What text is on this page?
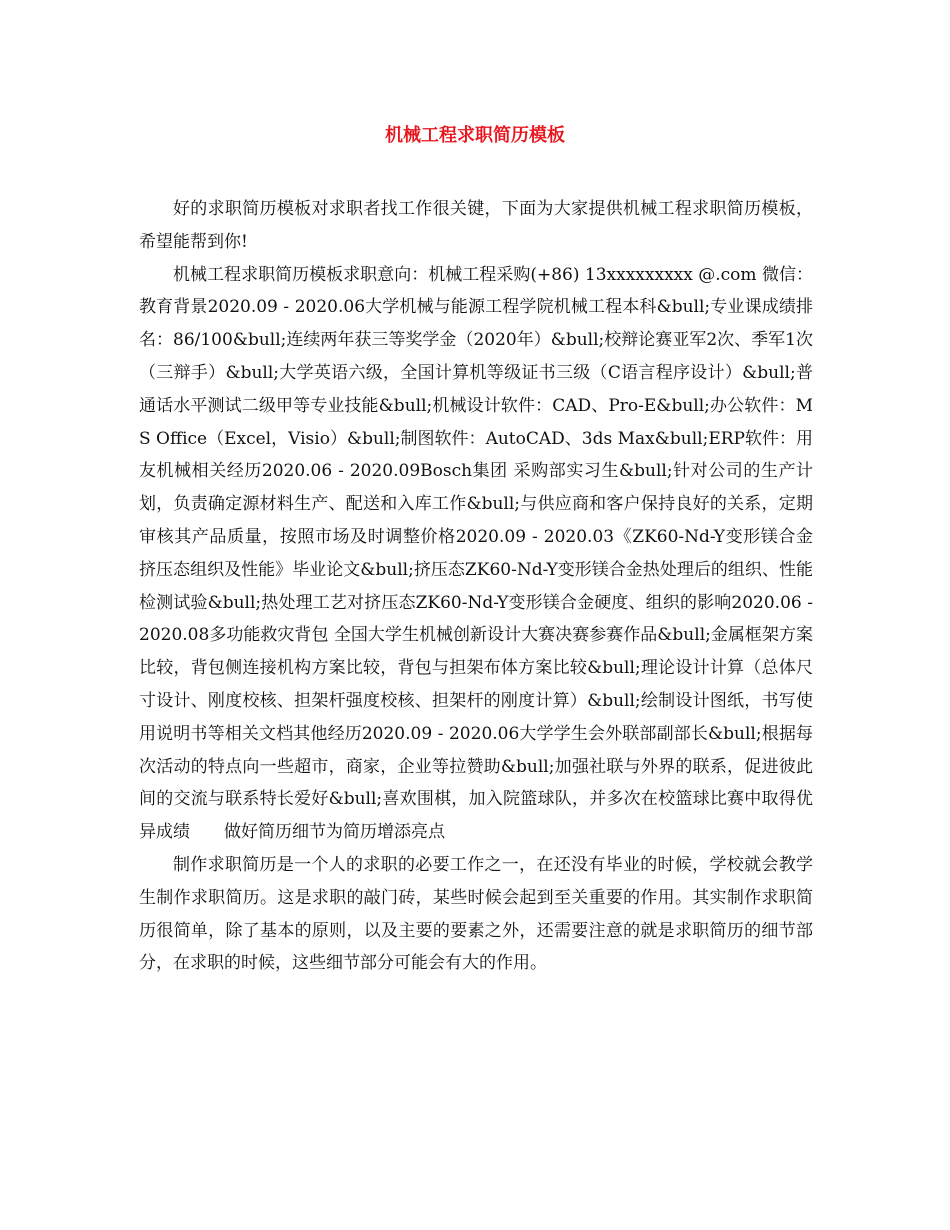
机械工程求职简历模板

好的求职简历模板对求职者找工作很关键，下面为大家提供机械工程求职简历模板，希望能帮到你!

机械工程求职简历模板求职意向：机械工程采购(+86) 13xxxxxxxxx @.com 微信：教育背景2020.09 - 2020.06大学机械与能源工程学院机械工程本科&bull;专业课成绩排名：86/100&bull;连续两年获三等奖学金（2020年）&bull;校辩论赛亚军2次、季军1次（三辩手）&bull;大学英语六级，全国计算机等级证书三级（C语言程序设计）&bull;普通话水平测试二级甲等专业技能&bull;机械设计软件：CAD、Pro-E&bull;办公软件：MS Office（Excel，Visio）&bull;制图软件：AutoCAD、3ds Max&bull;ERP软件：用友机械相关经历2020.06 - 2020.09Bosch集团 采购部实习生&bull;针对公司的生产计划，负责确定源材料生产、配送和入库工作&bull;与供应商和客户保持良好的关系，定期审核其产品质量，按照市场及时调整价格2020.09 - 2020.03《ZK60-Nd-Y变形镁合金挤压态组织及性能》毕业论文&bull;挤压态ZK60-Nd-Y变形镁合金热处理后的组织、性能检测试验&bull;热处理工艺对挤压态ZK60-Nd-Y变形镁合金硬度、组织的影响2020.06 - 2020.08多功能救灾背包 全国大学生机械创新设计大赛决赛参赛作品&bull;金属框架方案比较，背包侧连接机构方案比较，背包与担架布体方案比较&bull;理论设计计算（总体尺寸设计、刚度校核、担架杆强度校核、担架杆的刚度计算）&bull;绘制设计图纸，书写使用说明书等相关文档其他经历2020.09 - 2020.06大学学生会外联部副部长&bull;根据每次活动的特点向一些超市，商家，企业等拉赞助&bull;加强社联与外界的联系，促进彼此间的交流与联系特长爱好&bull;喜欢围棋，加入院篮球队，并多次在校篮球比赛中取得优异成绩　　做好简历细节为简历增添亮点

制作求职简历是一个人的求职的必要工作之一，在还没有毕业的时候，学校就会教学生制作求职简历。这是求职的敲门砖，某些时候会起到至关重要的作用。其实制作求职简历很简单，除了基本的原则，以及主要的要素之外，还需要注意的就是求职简历的细节部分，在求职的时候，这些细节部分可能会有大的作用。
